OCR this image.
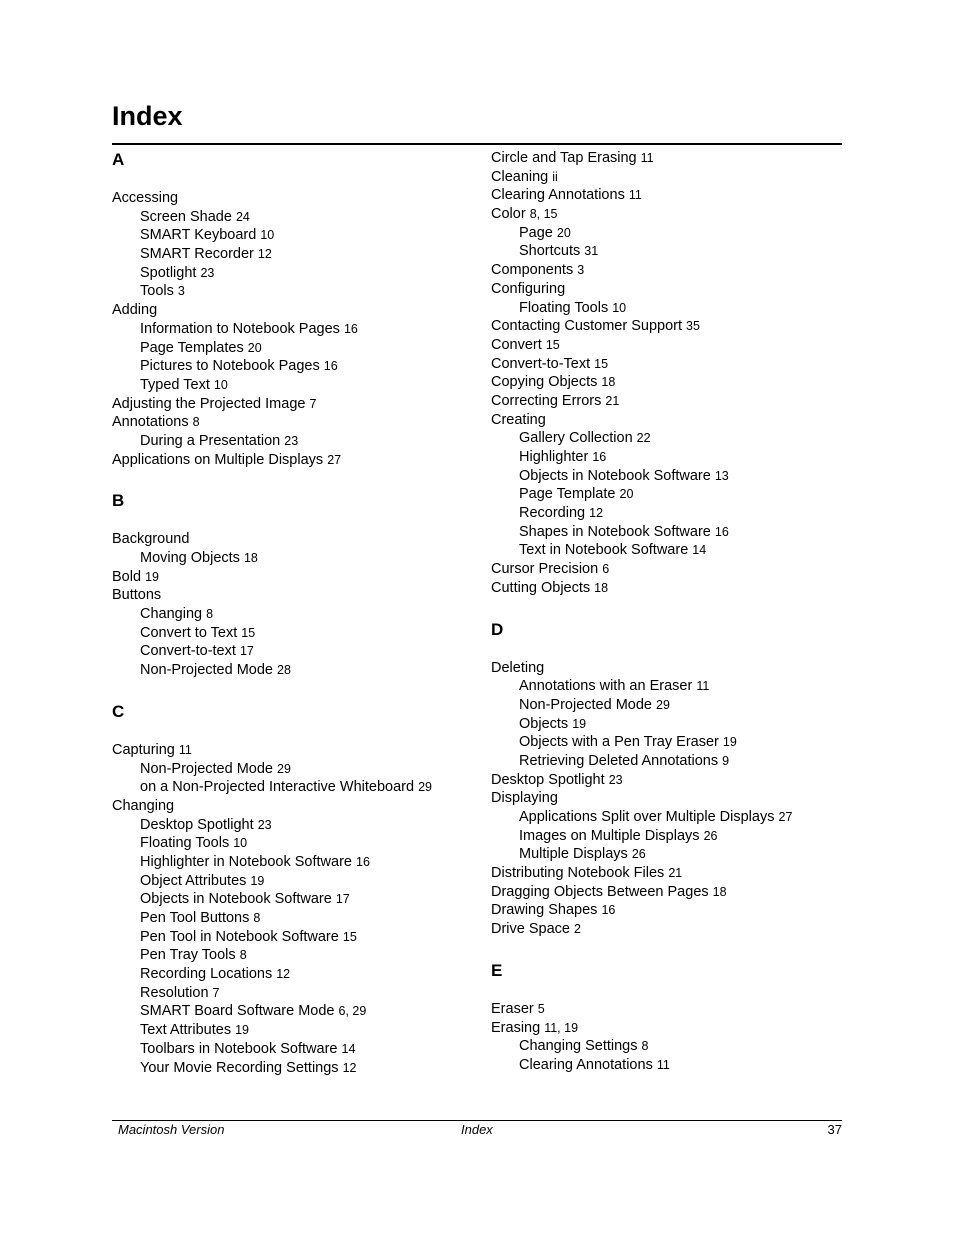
Index
A
Accessing
Screen Shade 24
SMART Keyboard 10
SMART Recorder 12
Spotlight 23
Tools 3
Adding
Information to Notebook Pages 16
Page Templates 20
Pictures to Notebook Pages 16
Typed Text 10
Adjusting the Projected Image 7
Annotations 8
During a Presentation 23
Applications on Multiple Displays 27
B
Background
Moving Objects 18
Bold 19
Buttons
Changing 8
Convert to Text 15
Convert-to-text 17
Non-Projected Mode 28
C
Capturing 11
Non-Projected Mode 29
on a Non-Projected Interactive Whiteboard 29
Changing
Desktop Spotlight 23
Floating Tools 10
Highlighter in Notebook Software 16
Object Attributes 19
Objects in Notebook Software 17
Pen Tool Buttons 8
Pen Tool in Notebook Software 15
Pen Tray Tools 8
Recording Locations 12
Resolution 7
SMART Board Software Mode 6, 29
Text Attributes 19
Toolbars in Notebook Software 14
Your Movie Recording Settings 12
Circle and Tap Erasing 11
Cleaning ii
Clearing Annotations 11
Color 8, 15
Page 20
Shortcuts 31
Components 3
Configuring
Floating Tools 10
Contacting Customer Support 35
Convert 15
Convert-to-Text 15
Copying Objects 18
Correcting Errors 21
Creating
Gallery Collection 22
Highlighter 16
Objects in Notebook Software 13
Page Template 20
Recording 12
Shapes in Notebook Software 16
Text in Notebook Software 14
Cursor Precision 6
Cutting Objects 18
D
Deleting
Annotations with an Eraser 11
Non-Projected Mode 29
Objects 19
Objects with a Pen Tray Eraser 19
Retrieving Deleted Annotations 9
Desktop Spotlight 23
Displaying
Applications Split over Multiple Displays 27
Images on Multiple Displays 26
Multiple Displays 26
Distributing Notebook Files 21
Dragging Objects Between Pages 18
Drawing Shapes 16
Drive Space 2
E
Eraser 5
Erasing 11, 19
Changing Settings 8
Clearing Annotations 11
Macintosh Version	Index	37
